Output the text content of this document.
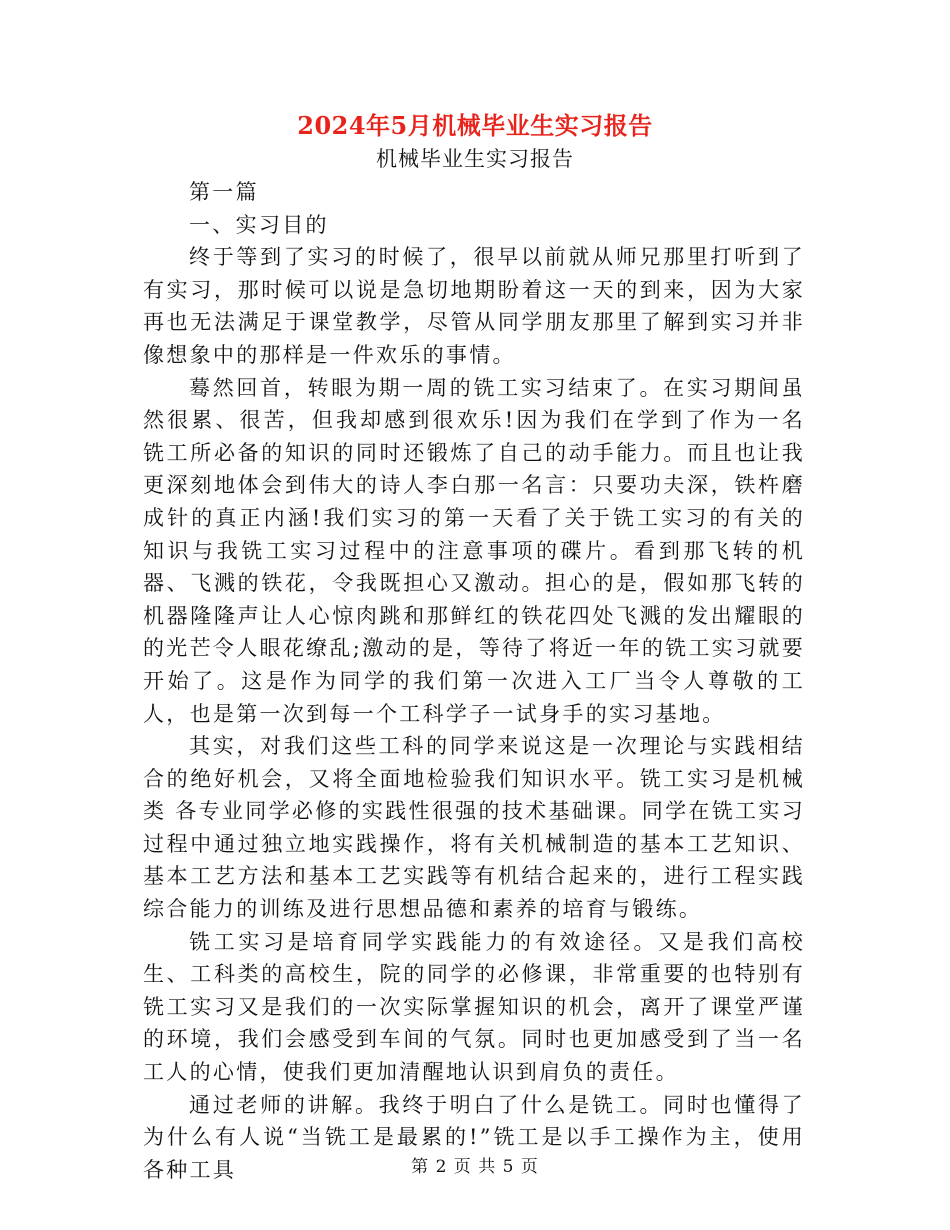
2024年5月机械毕业生实习报告
机械毕业生实习报告

第一篇

一、实习目的

终于等到了实习的时候了，很早以前就从师兄那里打听到了有实习，那时候可以说是急切地期盼着这一天的到来，因为大家再也无法满足于课堂教学，尽管从同学朋友那里了解到实习并非像想象中的那样是一件欢乐的事情。

蓦然回首，转眼为期一周的铣工实习结束了。在实习期间虽然很累、很苦，但我却感到很欢乐!因为我们在学到了作为一名铣工所必备的知识的同时还锻炼了自己的动手能力。而且也让我更深刻地体会到伟大的诗人李白那一名言：只要功夫深，铁杵磨成针的真正内涵!我们实习的第一天看了关于铣工实习的有关的知识与我铣工实习过程中的注意事项的碟片。看到那飞转的机器、飞溅的铁花，令我既担心又激动。担心的是，假如那飞转的机器隆隆声让人心惊肉跳和那鲜红的铁花四处飞溅的发出耀眼的的光芒令人眼花缭乱;激动的是，等待了将近一年的铣工实习就要开始了。这是作为同学的我们第一次进入工厂当令人尊敬的工人，也是第一次到每一个工科学子一试身手的实习基地。

其实，对我们这些工科的同学来说这是一次理论与实践相结合的绝好机会，又将全面地检验我们知识水平。铣工实习是机械类 各专业同学必修的实践性很强的技术基础课。同学在铣工实习过程中通过独立地实践操作，将有关机械制造的基本工艺知识、基本工艺方法和基本工艺实践等有机结合起来的，进行工程实践综合能力的训练及进行思想品德和素养的培育与锻练。

铣工实习是培育同学实践能力的有效途径。又是我们高校生、工科类的高校生，院的同学的必修课，非常重要的也特别有铣工实习又是我们的一次实际掌握知识的机会，离开了课堂严谨的环境，我们会感受到车间的气氛。同时也更加感受到了当一名工人的心情，使我们更加清醒地认识到肩负的责任。

通过老师的讲解。我终于明白了什么是铣工。同时也懂得了为什么有人说“当铣工是最累的!”铣工是以手工操作为主，使用各种工具	第 2 页 共 5 页
